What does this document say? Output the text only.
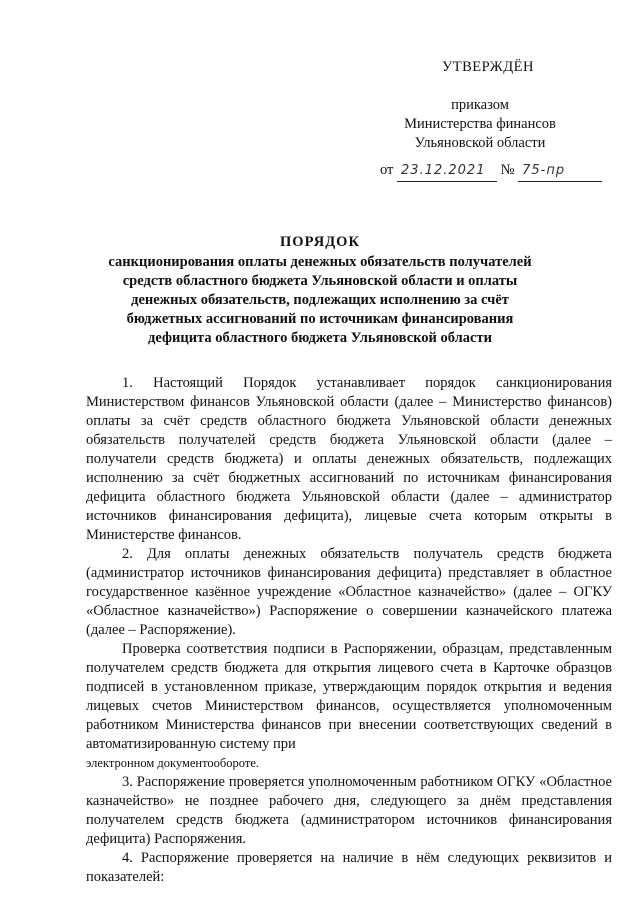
УТВЕРЖДЁН
приказом
Министерства финансов
Ульяновской области
от 23.12.2021 № 75-пр
ПОРЯДОК
санкционирования оплаты денежных обязательств получателей средств областного бюджета Ульяновской области и оплаты денежных обязательств, подлежащих исполнению за счёт бюджетных ассигнований по источникам финансирования дефицита областного бюджета Ульяновской области

1. Настоящий Порядок устанавливает порядок санкционирования Министерством финансов Ульяновской области (далее – Министерство финансов) оплаты за счёт средств областного бюджета Ульяновской области денежных обязательств получателей средств бюджета Ульяновской области (далее – получатели средств бюджета) и оплаты денежных обязательств, подлежащих исполнению за счёт бюджетных ассигнований по источникам финансирования дефицита областного бюджета Ульяновской области (далее – администратор источников финансирования дефицита), лицевые счета которым открыты в Министерстве финансов.

2. Для оплаты денежных обязательств получатель средств бюджета (администратор источников финансирования дефицита) представляет в областное государственное казённое учреждение «Областное казначейство» (далее – ОГКУ «Областное казначейство») Распоряжение о совершении казначейского платежа (далее – Распоряжение).

Проверка соответствия подписи в Распоряжении, образцам, представленным получателем средств бюджета для открытия лицевого счета в Карточке образцов подписей в установленном приказе, утверждающим порядок открытия и ведения лицевых счетов Министерством финансов, осуществляется уполномоченным работником Министерства финансов при внесении соответствующих сведений в автоматизированную систему при

электронном документообороте.

3. Распоряжение проверяется уполномоченным работником ОГКУ «Областное казначейство» не позднее рабочего дня, следующего за днём представления получателем средств бюджета (администратором источников финансирования дефицита) Распоряжения.

4. Распоряжение проверяется на наличие в нём следующих реквизитов и показателей:
